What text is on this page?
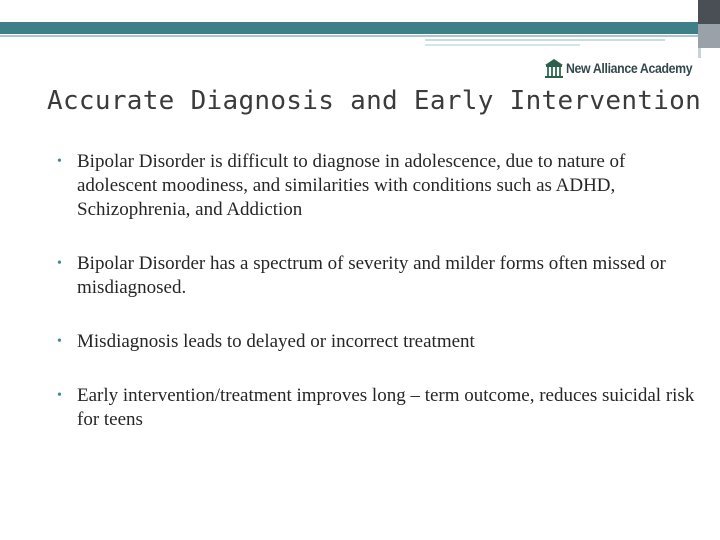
New Alliance Academy
Accurate Diagnosis and Early Intervention
• Bipolar Disorder is difficult to diagnose in adolescence, due to nature of adolescent moodiness, and similarities with conditions such as ADHD, Schizophrenia, and Addiction
• Bipolar Disorder has a spectrum of severity and milder forms often missed or misdiagnosed.
• Misdiagnosis leads to delayed or incorrect treatment
• Early intervention/treatment improves long – term outcome, reduces suicidal risk for teens
